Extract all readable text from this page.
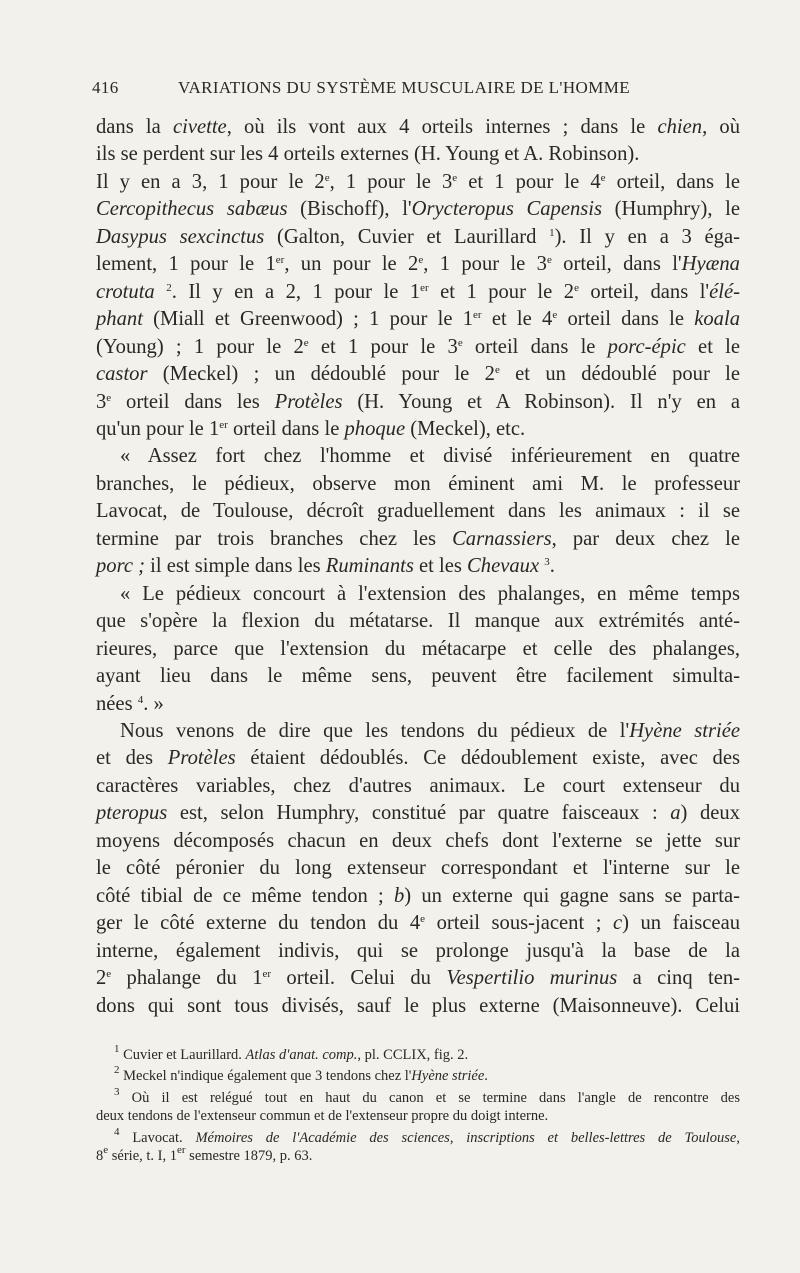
416	VARIATIONS DU SYSTÈME MUSCULAIRE DE L'HOMME
dans la civette, où ils vont aux 4 orteils internes ; dans le chien, où
ils se perdent sur les 4 orteils externes (H. Young et A. Robinson).
Il y en a 3, 1 pour le 2e, 1 pour le 3e et 1 pour le 4e orteil, dans le
Cercopithecus sabæus (Bischoff), l'Orycteropus Capensis (Humphry), le
Dasypus sexcinctus (Galton, Cuvier et Laurillard $^1$). Il y en a 3 éga-
lement, 1 pour le 1er, un pour le 2e, 1 pour le 3e orteil, dans l'Hyæna
crotuta $^2$. Il y en a 2, 1 pour le 1er et 1 pour le 2e orteil, dans l'élé-
phant (Miall et Greenwood) ; 1 pour le 1er et le 4e orteil dans le koala
(Young) ; 1 pour le 2e et 1 pour le 3e orteil dans le porc-épic et le
castor (Meckel) ; un dédoublé pour le 2e et un dédoublé pour le
3e orteil dans les Protèles (H. Young et A Robinson). Il n'y en a
qu'un pour le 1er orteil dans le phoque (Meckel), etc.
« Assez fort chez l'homme et divisé inférieurement en quatre
branches, le pédieux, observe mon éminent ami M. le professeur
Lavocat, de Toulouse, décroît graduellement dans les animaux : il se
termine par trois branches chez les Carnassiers, par deux chez le
porc ; il est simple dans les Ruminants et les Chevaux $^3$.
« Le pédieux concourt à l'extension des phalanges, en même temps
que s'opère la flexion du métatarse. Il manque aux extrémités anté-
rieures, parce que l'extension du métacarpe et celle des phalanges,
ayant lieu dans le même sens, peuvent être facilement simulta-
nées $^4$. »
Nous venons de dire que les tendons du pédieux de l'Hyène striée
et des Protèles étaient dédoublés. Ce dédoublement existe, avec des
caractères variables, chez d'autres animaux. Le court extenseur du
pteropus est, selon Humphry, constitué par quatre faisceaux : a) deux
moyens décomposés chacun en deux chefs dont l'externe se jette sur
le côté péronier du long extenseur correspondant et l'interne sur le
côté tibial de ce même tendon ; b) un externe qui gagne sans se parta-
ger le côté externe du tendon du 4e orteil sous-jacent ; c) un faisceau
interne, également indivis, qui se prolonge jusqu'à la base de la
2e phalange du 1er orteil. Celui du Vespertilio murinus a cinq ten-
dons qui sont tous divisés, sauf le plus externe (Maisonneuve). Celui
$^1$ Cuvier et Laurillard. Atlas d'anat. comp., pl. CCLIX, fig. 2.
$^2$ Meckel n'indique également que 3 tendons chez l'Hyène striée.
$^3$ Où il est relégué tout en haut du canon et se termine dans l'angle de rencontre des
deux tendons de l'extenseur commun et de l'extenseur propre du doigt interne.
$^4$ Lavocat. Mémoires de l'Académie des sciences, inscriptions et belles-lettres de Toulouse,
8e série, t. I, 1er semestre 1879, p. 63.
